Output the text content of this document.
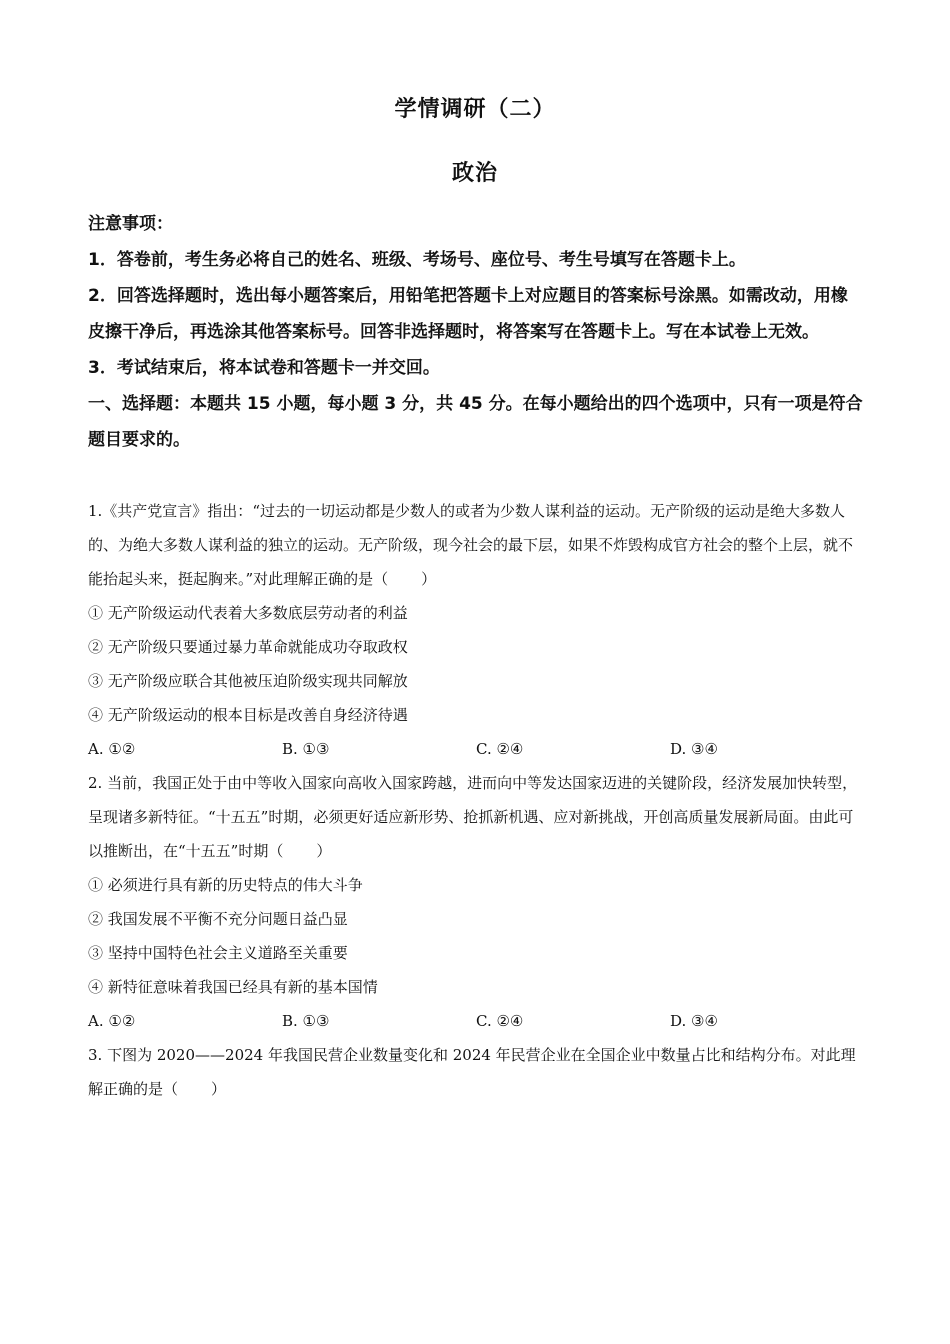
学情调研（二）
政治

注意事项：

1．答卷前，考生务必将自己的姓名、班级、考场号、座位号、考生号填写在答题卡上。

2．回答选择题时，选出每小题答案后，用铅笔把答题卡上对应题目的答案标号涂黑。如需改动，用橡皮擦干净后，再选涂其他答案标号。回答非选择题时，将答案写在答题卡上。写在本试卷上无效。

3．考试结束后，将本试卷和答题卡一并交回。

一、选择题：本题共 15 小题，每小题 3 分，共 45 分。在每小题给出的四个选项中，只有一项是符合题目要求的。

1.《共产党宣言》指出：“过去的一切运动都是少数人的或者为少数人谋利益的运动。无产阶级的运动是绝大多数人的、为绝大多数人谋利益的独立的运动。无产阶级，现今社会的最下层，如果不炸毁构成官方社会的整个上层，就不能抬起头来，挺起胸来。”对此理解正确的是（ ）

① 无产阶级运动代表着大多数底层劳动者的利益

② 无产阶级只要通过暴力革命就能成功夺取政权

③ 无产阶级应联合其他被压迫阶级实现共同解放

④ 无产阶级运动的根本目标是改善自身经济待遇

A. ①②	B. ①③	C. ②④	D. ③④

2. 当前，我国正处于由中等收入国家向高收入国家跨越，进而向中等发达国家迈进的关键阶段，经济发展加快转型，呈现诸多新特征。“十五五”时期，必须更好适应新形势、抢抓新机遇、应对新挑战，开创高质量发展新局面。由此可以推断出，在“十五五”时期（ ）

① 必须进行具有新的历史特点的伟大斗争

② 我国发展不平衡不充分问题日益凸显

③ 坚持中国特色社会主义道路至关重要

④ 新特征意味着我国已经具有新的基本国情

A. ①②	B. ①③	C. ②④	D. ③④

3. 下图为 2020——2024 年我国民营企业数量变化和 2024 年民营企业在全国企业中数量占比和结构分布。对此理解正确的是（ ）
